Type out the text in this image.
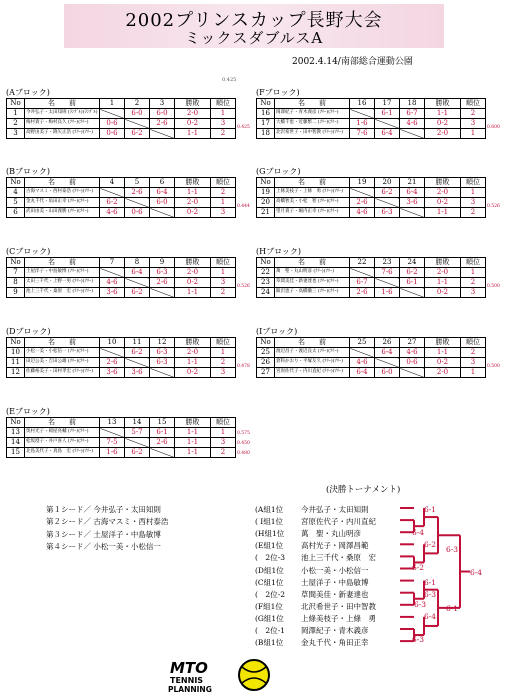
2002プリンスカップ長野大会
ミックスダブルスA
2002.4.14/南部総合運動公園
0.425
(Aブロック)
No	名　　前	1	2	3	勝敗	順位
1	今井弘子・太田知則 (ﾗﾝｸﾞﾙ)(ﾗﾝｸﾞﾙ)		6-0	6-0	2-0	1
2	梅村貴子・梅村良久 (ﾌﾘｰ)(ﾌﾘｰ)	0-6		2-6	0-2	3
3	高野由美子・降矢正浩 (ﾌﾘｰ)(ﾌﾘｰ)	0-6	6-2		1-1	2
0.425
(Bブロック)
No	名　　前	4	5	6	勝敗	順位
4	古海マスミ・西村泰浩 (ﾌﾘｰ)(ﾌﾘｰ)		2-6	6-4	1-1	2
5	金丸千代・角田正幸 (ﾌﾘｰ)(ﾌﾘｰ)	6-2		6-0	2-0	1
6	武田由美・山田義勝 (ﾌﾘｰ)(ﾌﾘｰ)	4-6	0-6		0-2	3
0.444
(Cブロック)
No	名　　前	7	8	9	勝敗	順位
7	土屋洋子・中島敏博 (ﾌﾘｰ)(ﾌﾘｰ)		6-4	6-3	2-0	1
8	太田三千代・上野一男 (ﾌﾘｰ)(ﾌﾘｰ)	4-6		2-6	0-2	3
9	池上三千代・桑原　宏 (ﾌﾘｰ)(ﾌﾘｰ)	3-6	6-2		1-1	2
0.526
(Dブロック)
No	名　　前	10	11	12	勝敗	順位
10	小松一美・小松信一 (ﾌﾘｰ)(ﾌﾘｰ)		6-2	6-3	2-0	1
11	田辺公美・吉田公雄 (ﾌﾘｰ)(ﾌﾘｰ)	2-6		6-3	1-1	2
12	佐藤裕美子・田村孝宏 (ﾌﾘｰ)(ﾌﾘｰ)	3-6	3-6		0-2	3
0.478
(Eブロック)
No	名　　前	13	14	15	勝敗	順位
13	奥村光子・岡屋亮輔 (ﾌﾘｰ)(ﾌﾘｰ)		5-7	6-1	1-1	1
14	松坂澄子・井戸喜人 (ﾌﾘｰ)(ﾌﾘｰ)	7-5		2-6	1-1	3
15	北島美代子・真島　宏 (ﾌﾘｰ)(ﾌﾘｰ)	1-6	6-2		1-1	2
0.575
0.450
0.480
(Fブロック)
No	名　　前	16	17	18	勝敗	順位
16	岡澤紀子・青木義彦 (ﾌﾘｰ)(ﾌﾘｰ)		6-1	6-7	1-1	2
17	大橋千恵・近藤繁二 (ﾌﾘｰ)(ﾌﾘｰ)	1-6		4-6	0-2	3
18	北沢希世子・田中智教 (ﾌﾘｰ)(ﾌﾘｰ)	7-6	6-4		2-0	1
0.600
(Gブロック)
No	名　　前	19	20	21	勝敗	順位
19	上條美枝子・上條　勇 (ﾌﾘｰ)(ﾌﾘｰ)		6-2	6-4	2-0	1
20	高橋智美・小松　智 (ﾌﾘｰ)(ﾌﾘｰ)	2-6		3-6	0-2	3
21	望月貴子・堀内正幸 (ﾌﾘｰ)(ﾌﾘｰ)	4-6	6-3		1-1	2
0.526
(Hブロック)
No	名　　前	22	23	24	勝敗	順位
22	萬　聖・丸山明彦 (ﾌﾘｰ)(ﾌﾘｰ)		7-6	6-2	2-0	1
23	草間美佳・新妻達也 (ﾌﾘｰ)(ﾌﾘｰ)	6-7		6-1	1-1	2
24	飯沢恵子・高橋徹三 (ﾌﾘｰ)(ﾌﾘｰ)	2-6	1-6		0-2	3
0.500
(Iブロック)
No	名　　前	25	26	27	勝敗	順位
25	渡辺昌子・渡辺良太 (ﾌﾘｰ)(ﾌﾘｰ)		6-4	4-6	1-1	2
26	倉科かおり・平塚友久 (ﾌﾘｰ)(ﾌﾘｰ)	4-6		0-6	0-2	3
27	宮原佐代子・内川直紀 (ﾌﾘｰ)(ﾌﾘｰ)	6-4	6-0		2-0	1
0.500
第１シード／ 今井弘子・太田知則
第２シード／ 古海マスミ・西村泰浩
第３シード／ 土屋洋子・中島敏博
第４シード／ 小松一美・小松信一
(決勝トーナメント)
(A組1位 今井弘子・太田知則
( I組1位 宮原佐代子・内川直紀
(H組1位 萬　聖・丸山明彦
(E組1位 高村光子・岡澤昌範
(　2位-3 池上三千代・桑原　宏
(D組1位 小松一美・小松信一
(C組1位 土屋洋子・中島敏博
(　2位-2 草間美佳・新妻達也
(F組1位 北沢希世子・田中智教
(G組1位 上條美枝子・上條　勇
(　2位-1 岡澤紀子・青木義彦
(B組1位 金丸千代・角田正幸
6-1
6-4
6-2
6-2
6-1
6-3
6-4
6-3
6-3
6-1
6-4
6-3
MTO
TENNIS
PLANNING
